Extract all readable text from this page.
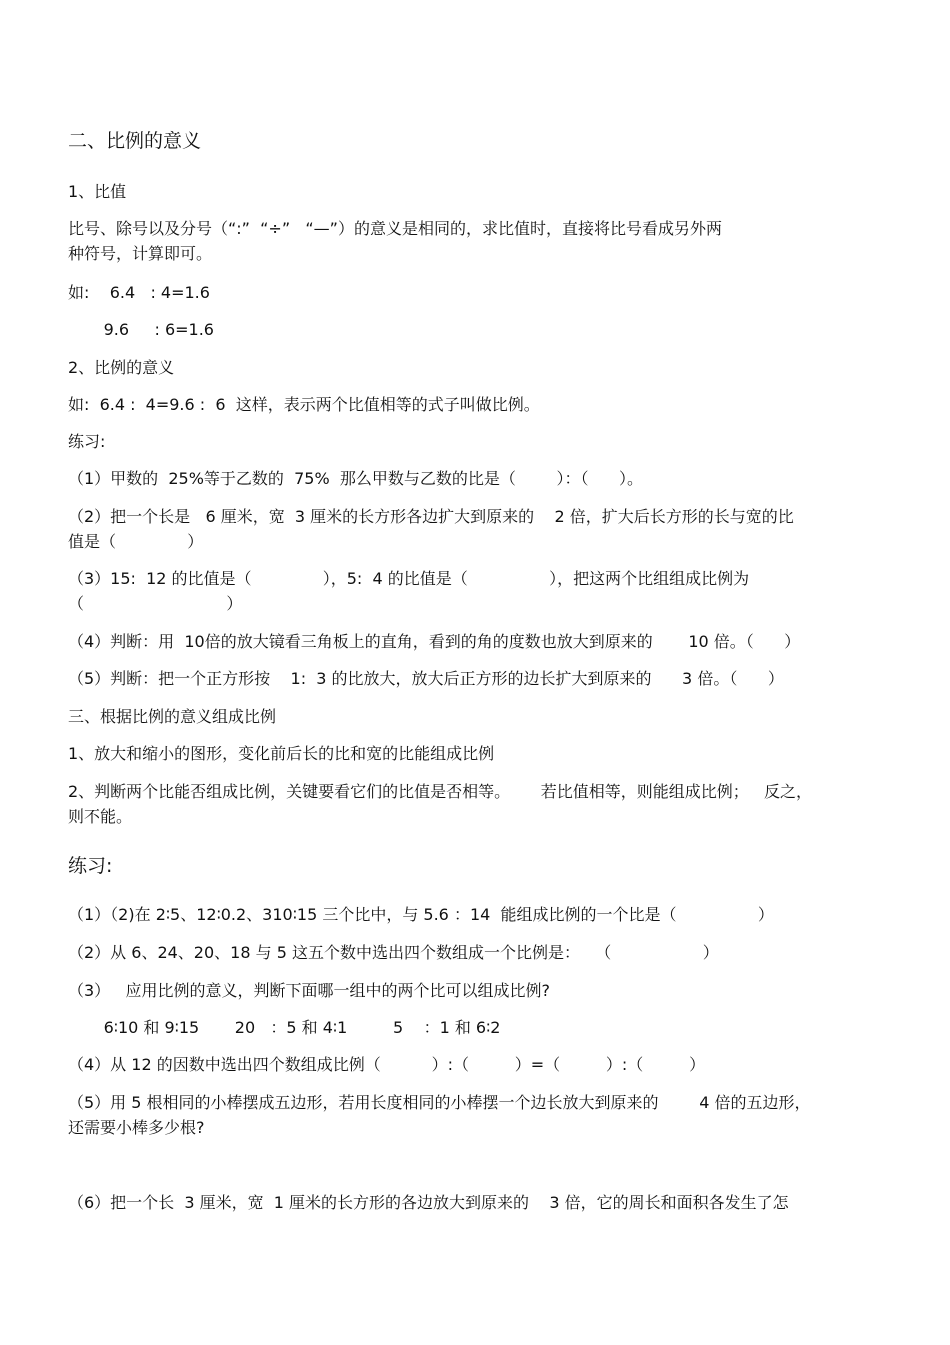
二、比例的意义
1、比值
比号、除号以及分号（“:”  “÷”   “—”）的意义是相同的，求比值时，直接将比号看成另外两
种符号，计算即可。
如:    6.4   : 4=1.6
9.6     : 6=1.6
2、比例的意义
如:  6.4 :  4=9.6 :  6  这样，表示两个比值相等的式子叫做比例。
练习:
（1）甲数的  25%等于乙数的  75%  那么甲数与乙数的比是（        ）：（      ）。
（2）把一个长是   6 厘米，宽  3 厘米的长方形各边扩大到原来的    2 倍，扩大后长方形的长与宽的比
值是（              ）
（3）15:  12 的比值是（              ），5:  4 的比值是（                ），把这两个比组组成比例为
（                            ）
（4）判断：用  10倍的放大镜看三角板上的直角，看到的角的度数也放大到原来的       10 倍。（      ）
（5）判断：把一个正方形按    1:  3 的比放大，放大后正方形的边长扩大到原来的      3 倍。（      ）
三、根据比例的意义组成比例
1、放大和缩小的图形，变化前后长的比和宽的比能组成比例
2、判断两个比能否组成比例，关键要看它们的比值是否相等。      若比值相等，则能组成比例；   反之，
则不能。
练习:
（1）（2)在 2∶5、12∶0.2、310∶15 三个比中，与 5.6 ：14  能组成比例的一个比是（                ）
（2）从 6、24、20、18 与 5 这五个数中选出四个数组成一个比例是：   （                  ）
（3）   应用比例的意义，判断下面哪一组中的两个比可以组成比例?
6∶10 和 9∶15       20   ：5 和 4∶1         5    ：1 和 6∶2
（4）从 12 的因数中选出四个数组成比例（          ）:（         ）=（         ）:（         ）
（5）用 5 根相同的小棒摆成五边形，若用长度相同的小棒摆一个边长放大到原来的        4 倍的五边形，
还需要小棒多少根?
（6）把一个长  3 厘米，宽  1 厘米的长方形的各边放大到原来的    3 倍，它的周长和面积各发生了怎
